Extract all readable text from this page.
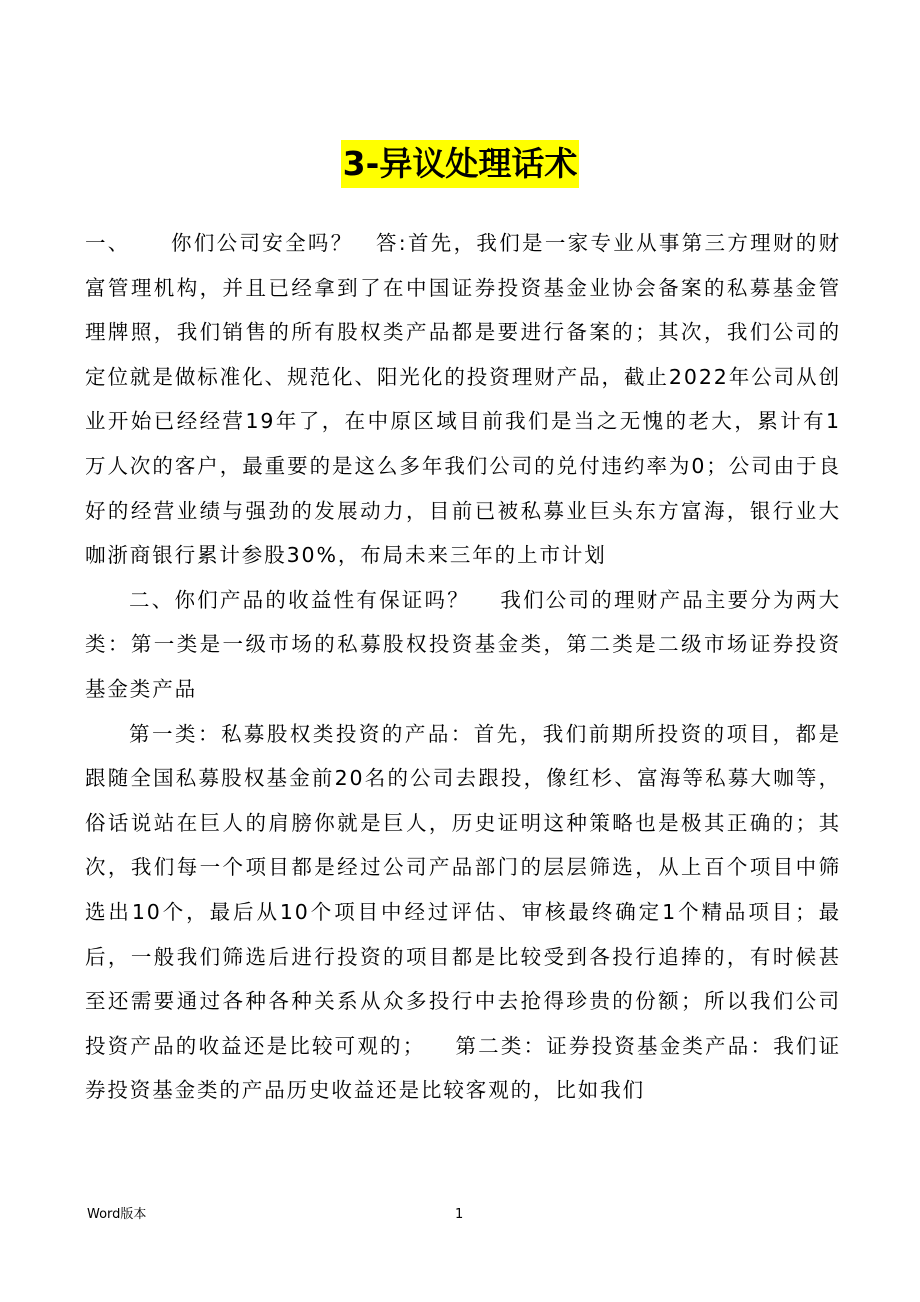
3-异议处理话术

一、 你们公司安全吗？ 答:首先，我们是一家专业从事第三方理财的财富管理机构，并且已经拿到了在中国证券投资基金业协会备案的私募基金管理牌照，我们销售的所有股权类产品都是要进行备案的；其次，我们公司的定位就是做标准化、规范化、阳光化的投资理财产品，截止2022年公司从创业开始已经经营19年了，在中原区域目前我们是当之无愧的老大，累计有1万人次的客户，最重要的是这么多年我们公司的兑付违约率为0；公司由于良好的经营业绩与强劲的发展动力，目前已被私募业巨头东方富海，银行业大咖浙商银行累计参股30%，布局未来三年的上市计划

二、你们产品的收益性有保证吗？ 我们公司的理财产品主要分为两大类：第一类是一级市场的私募股权投资基金类，第二类是二级市场证券投资基金类产品

第一类：私募股权类投资的产品：首先，我们前期所投资的项目，都是跟随全国私募股权基金前20名的公司去跟投，像红杉、富海等私募大咖等，俗话说站在巨人的肩膀你就是巨人，历史证明这种策略也是极其正确的；其次，我们每一个项目都是经过公司产品部门的层层筛选，从上百个项目中筛选出10个，最后从10个项目中经过评估、审核最终确定1个精品项目；最后，一般我们筛选后进行投资的项目都是比较受到各投行追捧的，有时候甚至还需要通过各种各种关系从众多投行中去抢得珍贵的份额；所以我们公司投资产品的收益还是比较可观的； 第二类：证券投资基金类产品：我们证券投资基金类的产品历史收益还是比较客观的，比如我们

Word版本	1
